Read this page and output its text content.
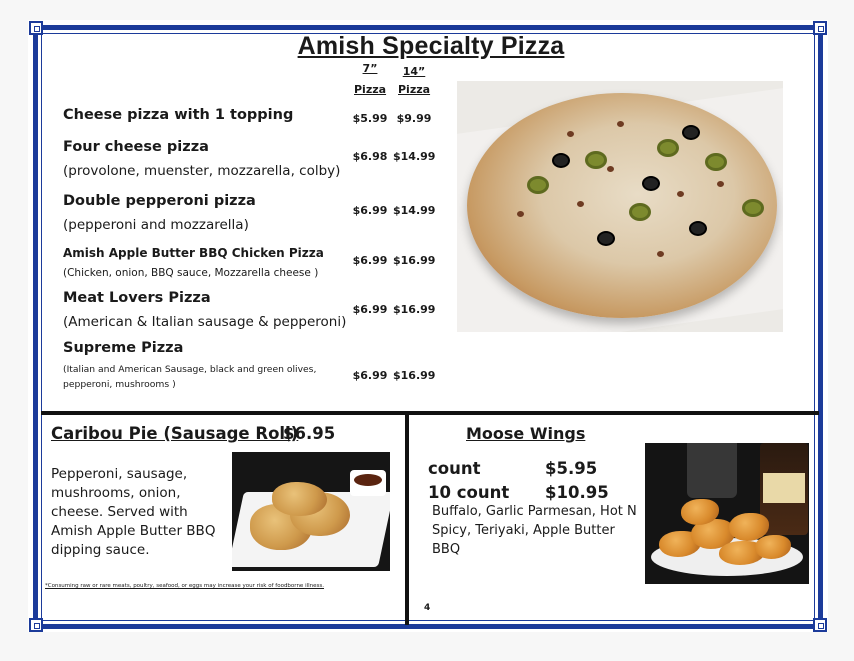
Amish Specialty Pizza
7”
Pizza
14”
Pizza
Cheese pizza with 1 topping	$5.99 $9.99
Four cheese pizza
(provolone, muenster, mozzarella, colby)
$6.98 $14.99
Double pepperoni pizza
(pepperoni and mozzarella)
$6.99 $14.99
Amish Apple Butter BBQ Chicken Pizza
(Chicken, onion, BBQ sauce, Mozzarella cheese )
$6.99 $16.99
Meat Lovers Pizza
(American & Italian sausage & pepperoni)
$6.99 $16.99
Supreme Pizza
(Italian and American Sausage, black and green olives, pepperoni, mushrooms )
$6.99 $16.99
Caribou Pie (Sausage Roll)
$6.95
Pepperoni, sausage, mushrooms, onion, cheese. Served with Amish Apple Butter BBQ dipping sauce.
Moose Wings
count	$5.95
10 count $10.95
Buffalo, Garlic Parmesan, Hot N Spicy, Teriyaki, Apple Butter BBQ
*Consuming raw or rare meats, poultry, seafood, or eggs may increase your risk of foodborne illness.
4
